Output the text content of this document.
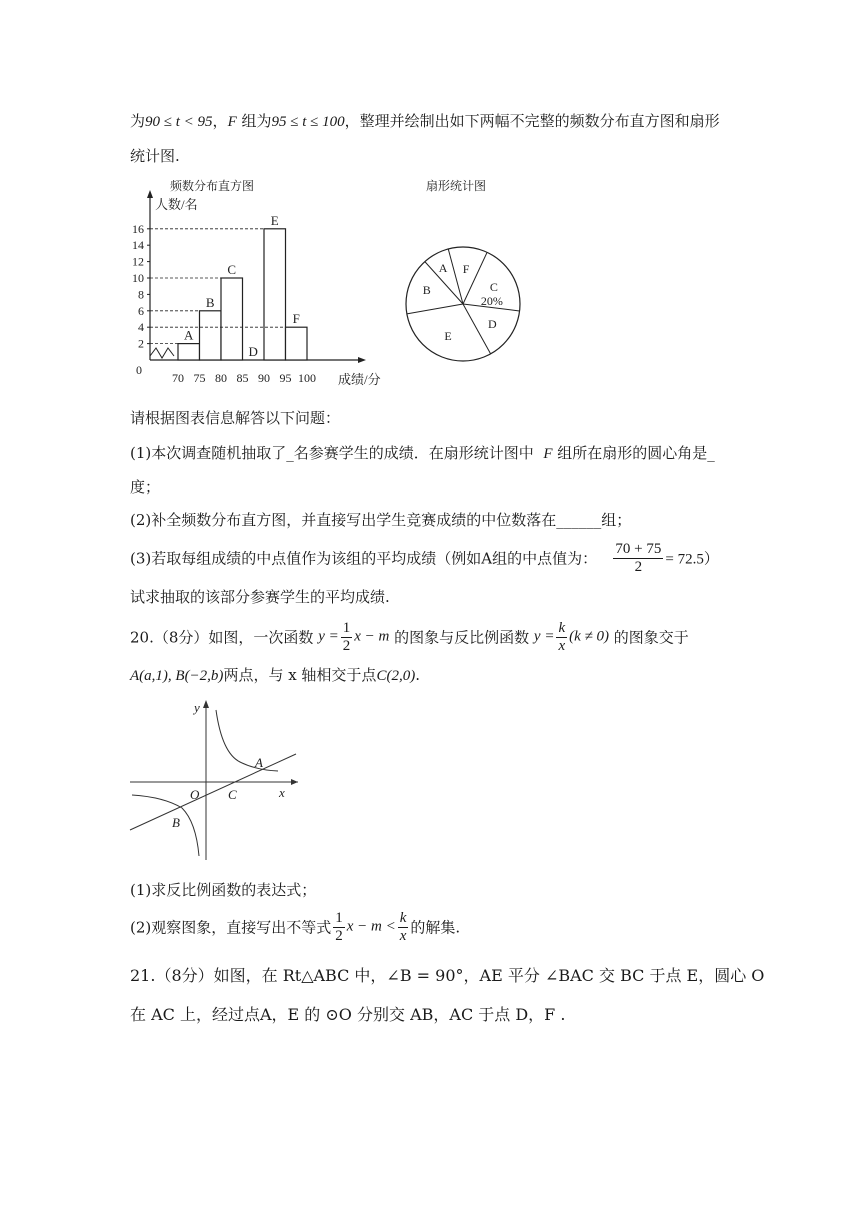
为90 ≤ t < 95，F 组为95 ≤ t ≤ 100，整理并绘制出如下两幅不完整的频数分布直方图和扇形
统计图.
频数分布直方图
人数/名
成绩/分
0
2
4
6
8
10
12
14
16
70 75 80 85 90 95 100
A
B
C
D
E
F
扇形统计图
A F
C
D
E
B
20%
请根据图表信息解答以下问题：
(1)本次调查随机抽取了_名参赛学生的成绩．在扇形统计图中 F 组所在扇形的圆心角是_
度；
(2)补全频数分布直方图，并直接写出学生竞赛成绩的中位数落在______组；
(3)若取每组成绩的中点值作为该组的平均成绩（例如A组的中点值为： $\frac{70 + 75}{2} = 72.5$）
试求抽取的该部分参赛学生的平均成绩.
20.（8分）如图，一次函数 $y = \frac{1}{2}$ x − m 的图象与反比例函数 $y = \frac{k}{x} (k \ne 0)$ 的图象交于
A(a,1), B(−2,b)两点，与 x 轴相交于点C(2,0).
y
x
O
A
B
C
(1)求反比例函数的表达式；
(2)观察图象，直接写出不等式 $\frac{1}{2}$ $x - m < \frac{k}{x}$ 的解集.
21.（8分）如图，在 Rt△ABC 中，∠B = 90°，AE 平分 ∠BAC 交 BC 于点 E，圆心 O
在 AC 上，经过点A，E 的 ⊙O 分别交 AB，AC 于点 D，F .
